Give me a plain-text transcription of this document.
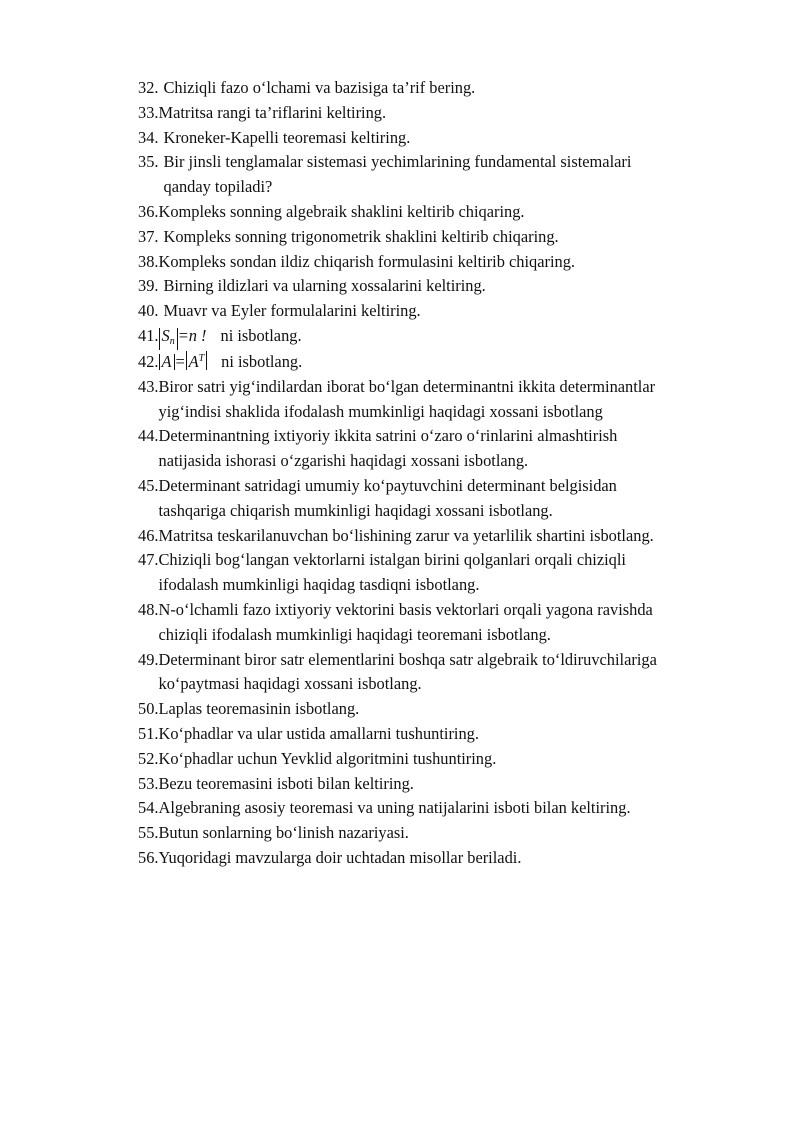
32. Chiziqli fazo o‘lchami va bazisiga ta’rif bering.
33. Matritsa rangi ta’riflarini keltiring.
34. Kroneker-Kapelli teoremasi keltiring.
35. Bir jinsli tenglamalar sistemasi yechimlarining fundamental sistemalari
qanday topiladi?
36. Kompleks sonning algebraik shaklini keltirib chiqaring.
37. Kompleks sonning trigonometrik shaklini keltirib chiqaring.
38. Kompleks sondan ildiz chiqarish formulasini keltirib chiqaring.
39. Birning ildizlari va ularning xossalarini keltiring.
40. Muavr va Eyler formulalarini keltiring.
41. $S_n =n$ ! ni isbotlang.
42. $A = A^T$ ni isbotlang.
43. Biror satri yig‘indilardan iborat bo‘lgan determinantni ikkita determinantlar
yig‘indisi shaklida ifodalash mumkinligi haqidagi xossani isbotlang
44. Determinantning ixtiyoriy ikkita satrini o‘zaro o‘rinlarini almashtirish
natijasida ishorasi o‘zgarishi haqidagi xossani isbotlang.
45. Determinant satridagi umumiy ko‘paytuvchini determinant belgisidan
tashqariga chiqarish mumkinligi haqidagi xossani isbotlang.
46. Matritsa teskarilanuvchan bo‘lishining zarur va yetarlilik shartini isbotlang.
47. Chiziqli bog‘langan vektorlarni istalgan birini qolganlari orqali chiziqli
ifodalash mumkinligi haqidag tasdiqni isbotlang.
48. N-o‘lchamli fazo ixtiyoriy vektorini basis vektorlari orqali yagona ravishda
chiziqli ifodalash mumkinligi haqidagi teoremani isbotlang.
49. Determinant biror satr elementlarini boshqa satr algebraik to‘ldiruvchilariga
ko‘paytmasi haqidagi xossani isbotlang.
50. Laplas teoremasinin isbotlang.
51. Ko‘phadlar va ular ustida amallarni tushuntiring.
52. Ko‘phadlar uchun Yevklid algoritmini tushuntiring.
53. Bezu teoremasini isboti bilan keltiring.
54. Algebraning asosiy teoremasi va uning natijalarini isboti bilan keltiring.
55. Butun sonlarning bo‘linish nazariyasi.
56. Yuqoridagi mavzularga doir uchtadan misollar beriladi.
